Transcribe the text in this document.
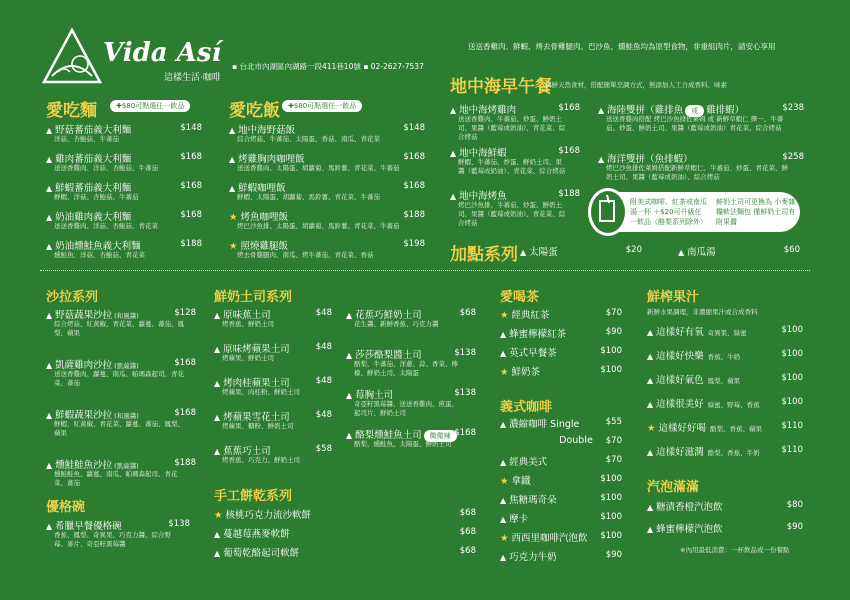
Vida Así
這樣生活·咖啡
▪ 台北市內湖區內湖路一段411巷10號 ▪ 02-2627-7537
送送香雞肉、鮮蝦、烤去骨雞腿肉、巴沙魚、燻鮭魚均為原型食物，非重組肉片，請安心享用
愛吃麵	✚$80可點選任一飲品
▲ 野菇蕃茄義大利麵	$148
洋菇、杏鮑菇、牛蕃茄
▲ 雞肉蕃茄義大利麵	$168
送送香雞肉、洋菇、杏鮑菇、牛蕃茄
▲ 鮮蝦蕃茄義大利麵	$168
鮮蝦、洋菇、杏鮑菇、牛蕃茄
▲ 奶油雞肉義大利麵	$168
送送香雞肉、洋菇、杏鮑菇、青花菜
▲ 奶油燻鮭魚義大利麵	$188
燻鮭魚、洋菇、杏鮑菇、青花菜
愛吃飯	✚$80可點選任一飲品
▲ 地中海野菇飯	$148
綜合烤菇、牛蕃茄、太陽蛋、香菇、南瓜、青花菜
▲ 烤雞胸肉咖哩飯	$168
送送香雞肉、太陽蛋、胡蘿蔔、馬鈴薯、青花菜、牛蕃茄
▲ 鮮蝦咖哩飯	$168
鮮蝦、太陽蛋、胡蘿蔔、馬鈴薯、青花菜、牛蕃茄
★ 烤魚咖哩飯	$188
烤巴沙魚排、太陽蛋、胡蘿蔔、馬鈴薯、青花菜、牛蕃茄
★ 照燒雞腿飯	$198
烤去骨雞腿肉、南瓜、烤牛蕃茄、青花菜、香菇
地中海早午餐
新鮮天然食材，搭配簡單烹調方式，無添加人工合成香料、味素
▲ 地中海烤雞肉	$168
送送香雞肉、牛蕃茄、炒蛋、鮮奶土司、果醬（藍莓或奶油）、青花菜、綜合烤菇
▲ 地中海鮮蝦	$168
鮮蝦、牛蕃茄、炒蛋、鮮奶土司、果醬（藍莓或奶油）、青花菜、綜合烤菇
▲ 地中海烤魚	$188
烤巴沙魚排、牛蕃茄、炒蛋、鮮奶土司、果醬（藍莓或奶油）、青花菜、綜合烤菇
▲ 海陸雙拼（雞排魚 或 雞排蝦）	$238
送送香雞肉搭配 烤巴沙魚排佐萊姆 或 新鮮草蝦仁 擇一、牛蕃茄、炒蛋、鮮奶土司、果醬（藍莓或奶油）青花菜、綜合烤菇
▲ 海洋雙拼（魚排蝦）	$258
烤巴沙魚排佐萊姆搭配新鮮草蝦仁、牛蕃茄、炒蛋、青花菜、鮮奶土司、果醬（藍莓或奶油）、綜合烤菇
附美式咖啡、紅茶或南瓜湯一杯 ＋$20可升級任一飲品（酪梨系列除外）
鮮奶土司可更換為 小麥雜糧軟法麵包 僅鮮奶土司有附果醬
加點系列 ▲ 太陽蛋	$20	▲ 南瓜湯	$60
沙拉系列
▲ 野菇蔬果沙拉 (和風醬)	$128
綜合烤菇、紅黃椒、青花菜、蘿蔓、蕃茄、鳳梨、蘋果
▲ 凱薩雞肉沙拉 (凱薩醬)	$168
送送香雞肉、蘿蔓、南瓜、帕瑪森起司、青花菜、蕃茄
▲ 鮮蝦蔬果沙拉 (和風醬)	$168
鮮蝦、紅黃椒、青花菜、蘿蔓、蕃茄、鳳梨、蘋果
▲ 燻鮭鮭魚沙拉 (凱薩醬)	$188
燻鮭鮭魚、蘿蔓、南瓜、帕瑪森起司、青花菜、蕃茄
優格碗
▲ 希臘早餐優格碗	$138
香蕉、鳳梨、奇異果、巧克力醬、綜合野莓、麥片、奇亞籽黑莓醬
鮮奶土司系列
▲ 原味蕉土司	$48
烤香蕉、鮮奶土司
▲ 原味烤蘋果土司	$48
烤蘋果、鮮奶土司
▲ 烤肉桂蘋果土司	$48
烤蘋果、肉桂粉、鮮奶土司
▲ 烤蘋果雪花土司	$48
烤蘋果、糖粉、鮮奶土司
▲ 蕉蕉巧土司	$58
烤香蕉、巧克力、鮮奶土司
▲ 花蕉巧鮮奶土司	$68
花生醬、新鮮香蕉、巧克力醬
▲ 莎莎酪梨醬土司	$138
酪梨、牛蕃茄、洋蔥、蒜、香菜、檸檬、鮮奶土司、太陽蛋
▲ 莓胸土司	$138
奇亞籽黑莓醬、送送香雞肉、煎蛋、起司片、鮮奶土司
▲ 酪梨燻鮭魚土司 微微辣 $168
酪梨、燻鮭魚、太陽蛋、鮮奶土司
手工餅乾系列
★ 核桃巧克力流沙軟餅	$68
▲ 蔓越莓燕麥軟餅	$68
▲ 葡萄乾酪起司軟餅	$68
愛喝茶
★ 經典紅茶	$70
▲ 蜂蜜檸檬紅茶	$90
▲ 英式早餐茶	$100
★ 鮮奶茶	$100
義式咖啡
▲ 濃縮咖啡 Single	$55
Double $70
▲ 經典美式	$70
★ 拿鐵	$100
▲ 焦糖瑪奇朵	$100
▲ 摩卡	$100
★ 西西里咖啡汽泡飲 $100
▲ 巧克力牛奶	$90
鮮榨果汁
新鮮水果調理，非濃縮果汁或合成香料
▲ 這樣好有氧 奇異果、綠蜜	$100
▲ 這樣好快樂 香蕉、牛奶	$100
▲ 這樣好氣色 鳳梨、蘋果	$100
▲ 這樣很美好 綠蜜、野莓、香蕉	$100
★ 這樣好好喝 酪梨、香蕉、蘋果 $110
▲ 這樣好滋潤 酪梨、香蕉、牛奶	$110
汽泡滿滿
▲ 糖漬香橙汽泡飲	$80
▲ 蜂蜜檸檬汽泡飲	$90
※內用最低消費：一杯飲品或一份餐點
